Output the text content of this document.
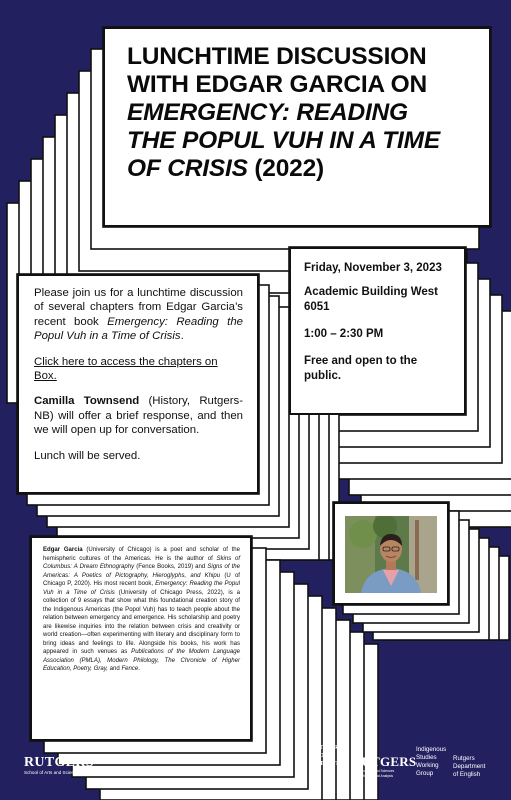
LUNCHTIME DISCUSSION
WITH EDGAR GARCIA ON
EMERGENCY: READING
THE POPUL VUH IN A TIME
OF CRISIS (2022)

Friday, November 3, 2023

Academic Building West 6051

1:00 – 2:30 PM

Free and open to the public.

Please join us for a lunchtime discussion of several chapters from Edgar Garcia’s recent book Emergency: Reading the Popul Vuh in a Time of Crisis.

Click here to access the chapters on Box.

Camilla Townsend (History, Rutgers-NB) will offer a brief response, and then we will open up for conversation.

Lunch will be served.

Edgar Garcia (University of Chicago) is a poet and scholar of the hemispheric cultures of the Americas. He is the author of Skins of Columbus: A Dream Ethnography (Fence Books, 2019) and Signs of the Americas: A Poetics of Pictography, Hieroglyphs, and Khipu (U of Chicago P, 2020). His most recent book, Emergency: Reading the Popul Vuh in a Time of Crisis (University of Chicago Press, 2022), is a collection of 9 essays that show what this foundational creation story of the Indigenous Americas (the Popol Vuh) has to teach people about the relation between emergency and emergence. His scholarship and poetry are likewise inquiries into the relation between crisis and creativity or world creation—often experimenting with literary and disciplinary form to bring ideas and feelings to life. Alongside his books, his work has appeared in such venues as Publications of the Modern Language Association (PMLA), Modern Philology, The Chronicle of Higher Education, Poetry, Gray, and Fence.

RUTGERS
School of Arts and Sciences
RUTGERS
BOOK
INITIATIVE RUTGERS
School of Arts and Sciences
Center for Cultural Analysis
Indigenous
Studies
Working
Group
Rutgers
Department
of English
